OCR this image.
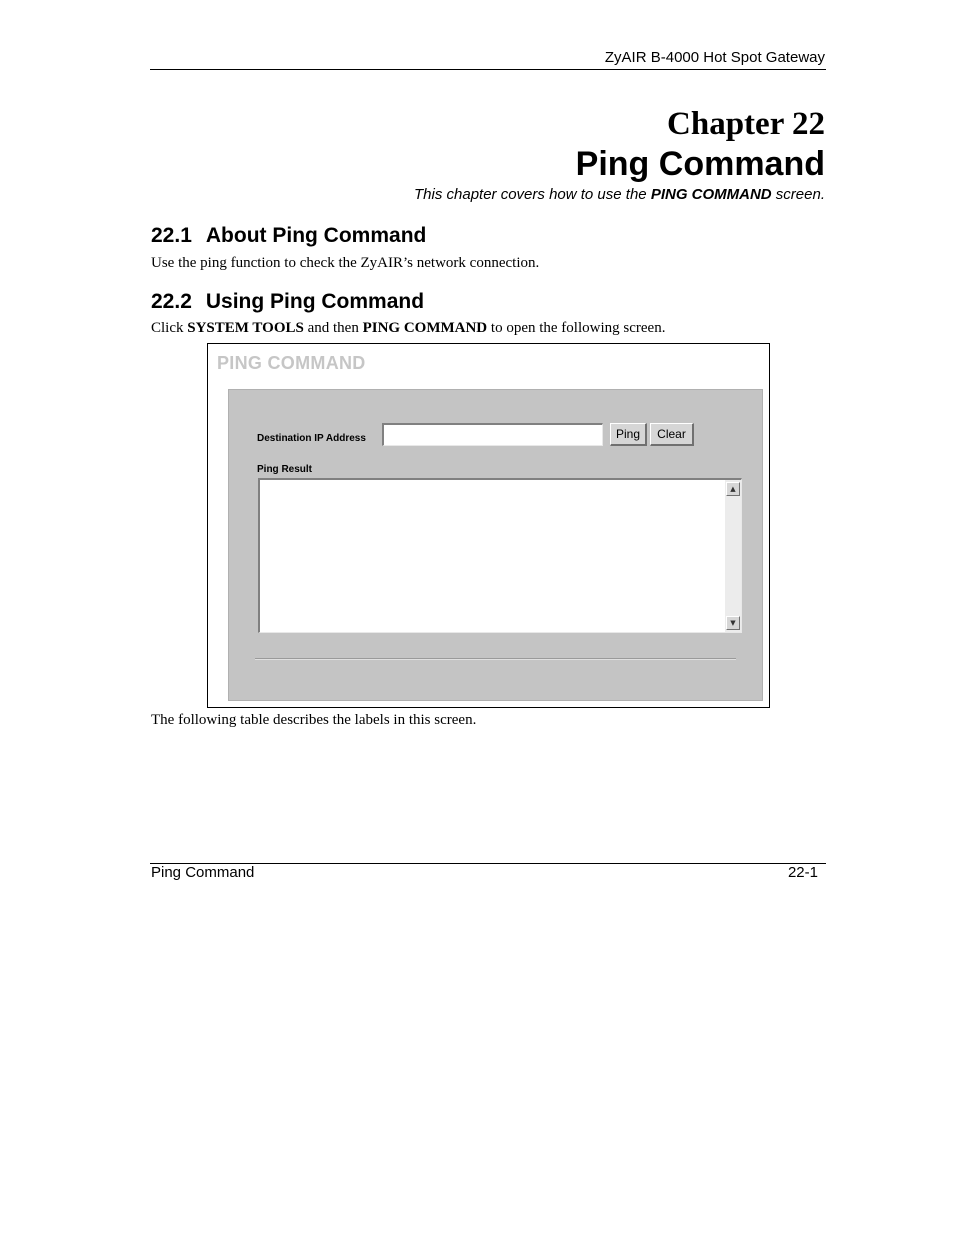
ZyAIR B-4000 Hot Spot Gateway
Chapter 22
Ping Command
This chapter covers how to use the PING COMMAND screen.
22.1 About Ping Command
Use the ping function to check the ZyAIR’s network connection.
22.2 Using Ping Command
Click SYSTEM TOOLS and then PING COMMAND to open the following screen.
PING COMMAND
Destination IP Address	Ping	Clear
Ping Result
▲
▼
The following table describes the labels in this screen.
Ping Command	22-1
